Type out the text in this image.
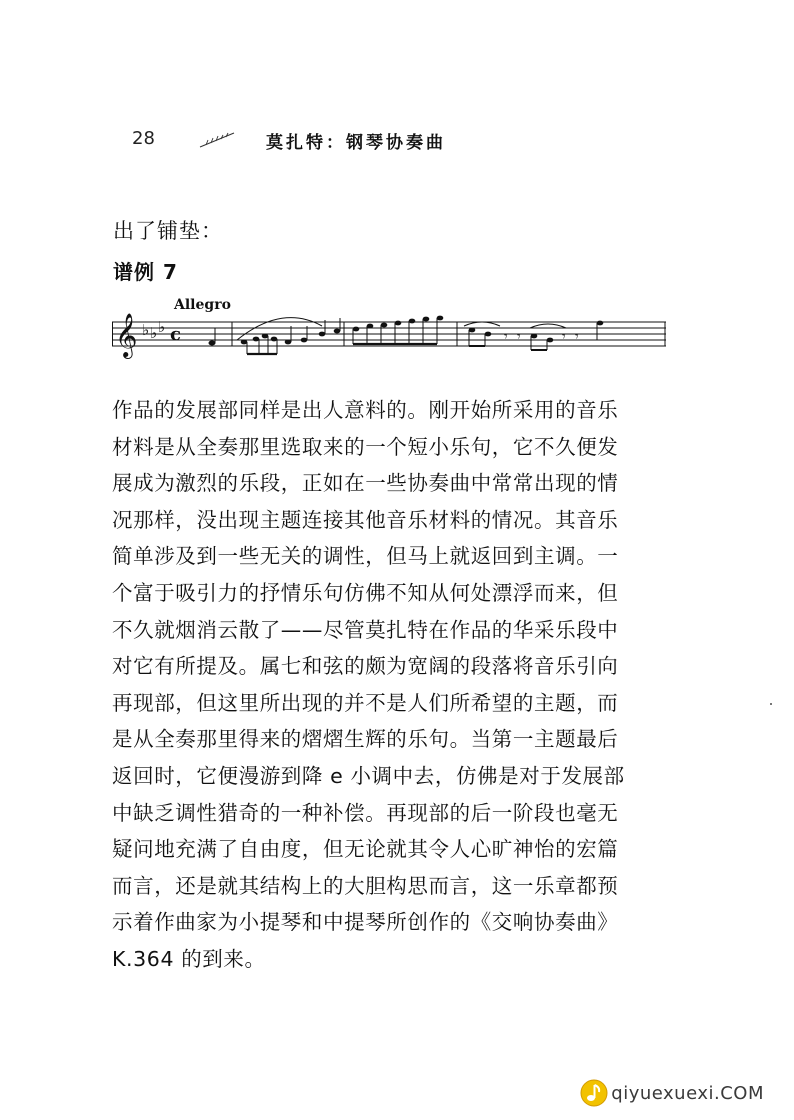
28	莫扎特：钢琴协奏曲
出了铺垫：
谱例 7
Allegro
𝄞 ♭ ♭ ♭ c	𝄾 𝄾	𝄾 𝄾
作品的发展部同样是出人意料的。刚开始所采用的音乐
材料是从全奏那里选取来的一个短小乐句，它不久便发
展成为激烈的乐段，正如在一些协奏曲中常常出现的情
况那样，没出现主题连接其他音乐材料的情况。其音乐
简单涉及到一些无关的调性，但马上就返回到主调。一
个富于吸引力的抒情乐句仿佛不知从何处漂浮而来，但
不久就烟消云散了——尽管莫扎特在作品的华采乐段中
对它有所提及。属七和弦的颇为宽阔的段落将音乐引向
再现部，但这里所出现的并不是人们所希望的主题，而
是从全奏那里得来的熠熠生辉的乐句。当第一主题最后
返回时，它便漫游到降 e 小调中去，仿佛是对于发展部
中缺乏调性猎奇的一种补偿。再现部的后一阶段也毫无
疑问地充满了自由度，但无论就其令人心旷神怡的宏篇
而言，还是就其结构上的大胆构思而言，这一乐章都预
示着作曲家为小提琴和中提琴所创作的《交响协奏曲》
K.364 的到来。
qiyuexuexi.COM
